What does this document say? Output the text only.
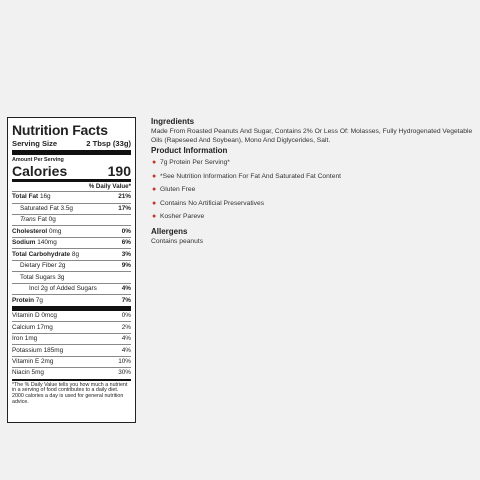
Nutrition Facts
Serving Size	2 Tbsp (33g)
Amount Per Serving
Calories	190
% Daily Value*
Total Fat 16g	21%
Saturated Fat 3.5g	17%
Trans Fat 0g
Cholesterol 0mg	0%
Sodium 140mg	6%
Total Carbohydrate 8g	3%
Dietary Fiber 2g	9%
Total Sugars 3g
Incl 2g of Added Sugars	4%
Protein 7g	7%
Vitamin D 0mcg	0%
Calcium 17mg	2%
Iron 1mg	4%
Potassium 185mg	4%
Vitamin E 2mg	10%
Niacin 5mg	30%
*The % Daily Value tells you how much a nutrient in a serving of food contributes to a daily diet. 2000 calories a day is used for general nutrition advice.
Ingredients

Made From Roasted Peanuts And Sugar, Contains 2% Or Less Of: Molasses, Fully Hydrogenated Vegetable Oils (Rapeseed And Soybean), Mono And Diglycerides, Salt.

Product Information
● 7g Protein Per Serving*
● *See Nutrition Information For Fat And Saturated Fat Content
● Gluten Free
● Contains No Artificial Preservatives
● Kosher Pareve
Allergens

Contains peanuts
